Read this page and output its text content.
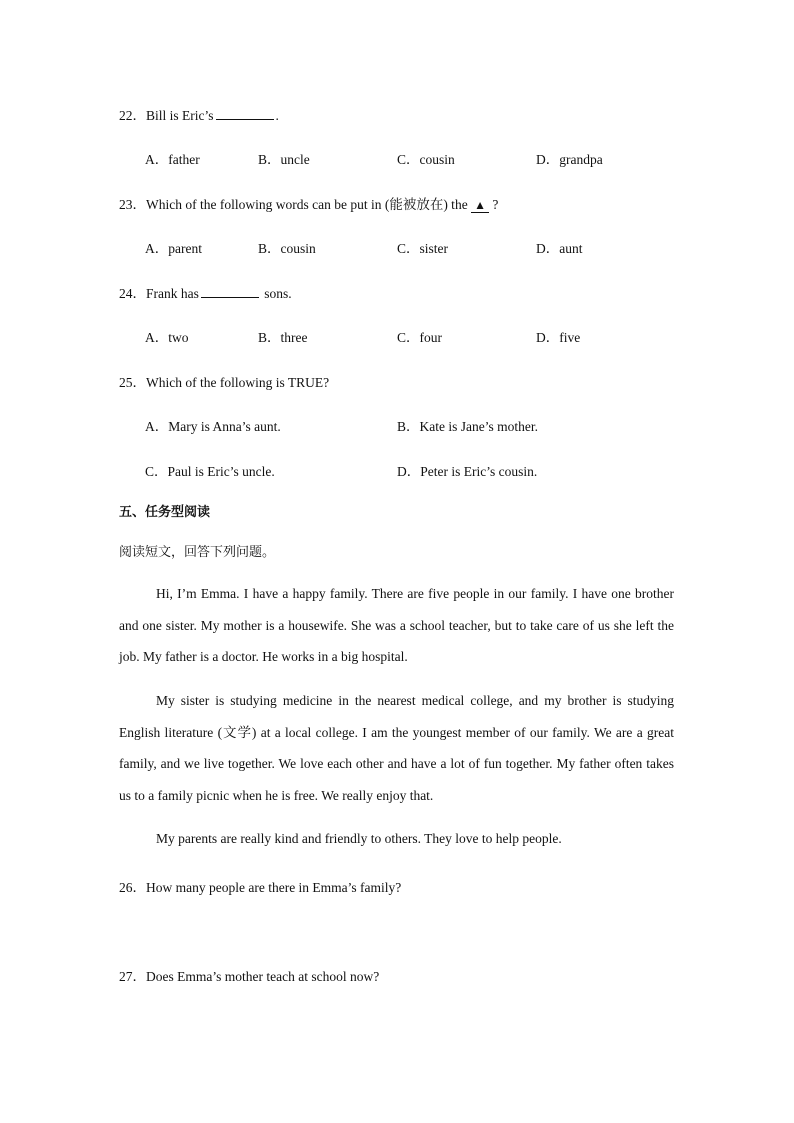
22．Bill is Eric’s	.
A．father	B．uncle	C．cousin	D．grandpa
23．Which of the following words can be put in (能被放在) the ▲ ?
A．parent	B．cousin	C．sister	D．aunt
24．Frank has	sons.
A．two	B．three	C．four	D．five
25．Which of the following is TRUE?
A．Mary is Anna’s aunt.	B．Kate is Jane’s mother.
C．Paul is Eric’s uncle.	D．Peter is Eric’s cousin.
五、任务型阅读
阅读短文，回答下列问题。
Hi, I’m Emma. I have a happy family. There are five people in our family. I have one brother and one sister. My mother is a housewife. She was a school teacher, but to take care of us she left the job. My father is a doctor. He works in a big hospital.
My sister is studying medicine in the nearest medical college, and my brother is studying English literature (文学) at a local college. I am the youngest member of our family. We are a great family, and we live together. We love each other and have a lot of fun together. My father often takes us to a family picnic when he is free. We really enjoy that.
My parents are really kind and friendly to others. They love to help people.
26．How many people are there in Emma’s family?
27．Does Emma’s mother teach at school now?
